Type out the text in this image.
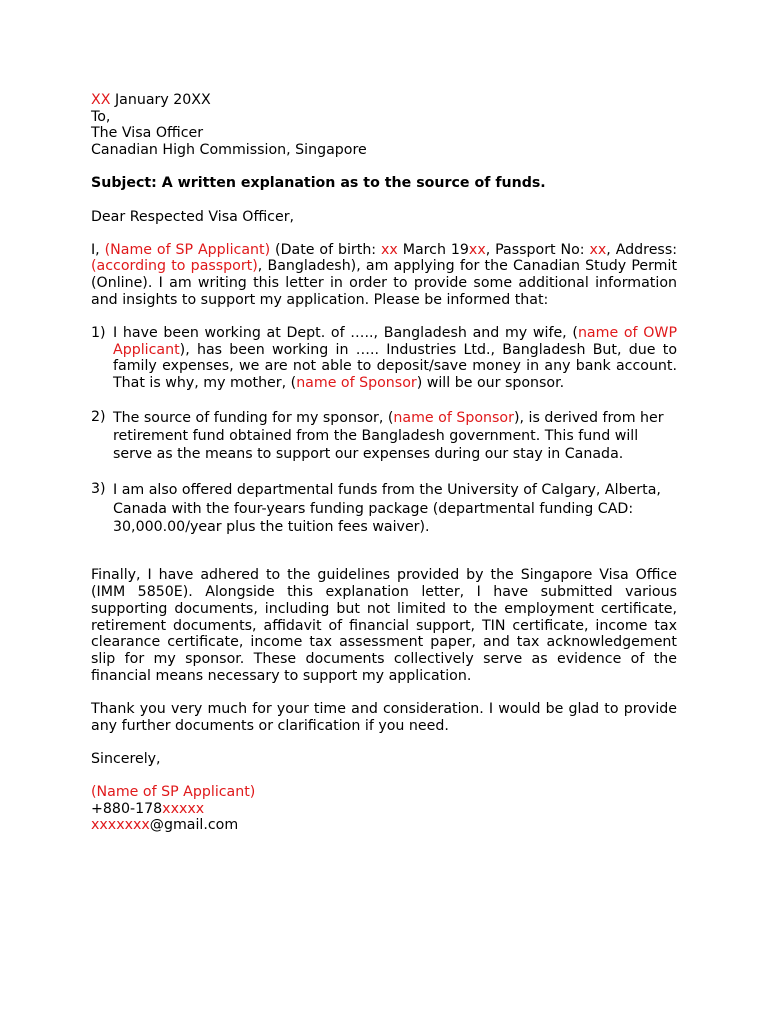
XX January 20XX
To,
The Visa Officer
Canadian High Commission, Singapore

Subject: A written explanation as to the source of funds.

Dear Respected Visa Officer,

I, (Name of SP Applicant) (Date of birth: xx March 19xx, Passport No: xx, Address: (according to passport), Bangladesh), am applying for the Canadian Study Permit (Online). I am writing this letter in order to provide some additional information and insights to support my application. Please be informed that:

1) I have been working at Dept. of ….., Bangladesh and my wife, (name of OWP Applicant), has been working in ….. Industries Ltd., Bangladesh But, due to family expenses, we are not able to deposit/save money in any bank account. That is why, my mother, (name of Sponsor) will be our sponsor.
2) The source of funding for my sponsor, (name of Sponsor), is derived from her retirement fund obtained from the Bangladesh government. This fund will serve as the means to support our expenses during our stay in Canada.
3) I am also offered departmental funds from the University of Calgary, Alberta, Canada with the four-years funding package (departmental funding CAD: 30,000.00/year plus the tuition fees waiver).

Finally, I have adhered to the guidelines provided by the Singapore Visa Office (IMM 5850E). Alongside this explanation letter, I have submitted various supporting documents, including but not limited to the employment certificate, retirement documents, affidavit of financial support, TIN certificate, income tax clearance certificate, income tax assessment paper, and tax acknowledgement slip for my sponsor. These documents collectively serve as evidence of the financial means necessary to support my application.

Thank you very much for your time and consideration. I would be glad to provide any further documents or clarification if you need.

Sincerely,

(Name of SP Applicant)
+880-178xxxxx
xxxxxxx@gmail.com
